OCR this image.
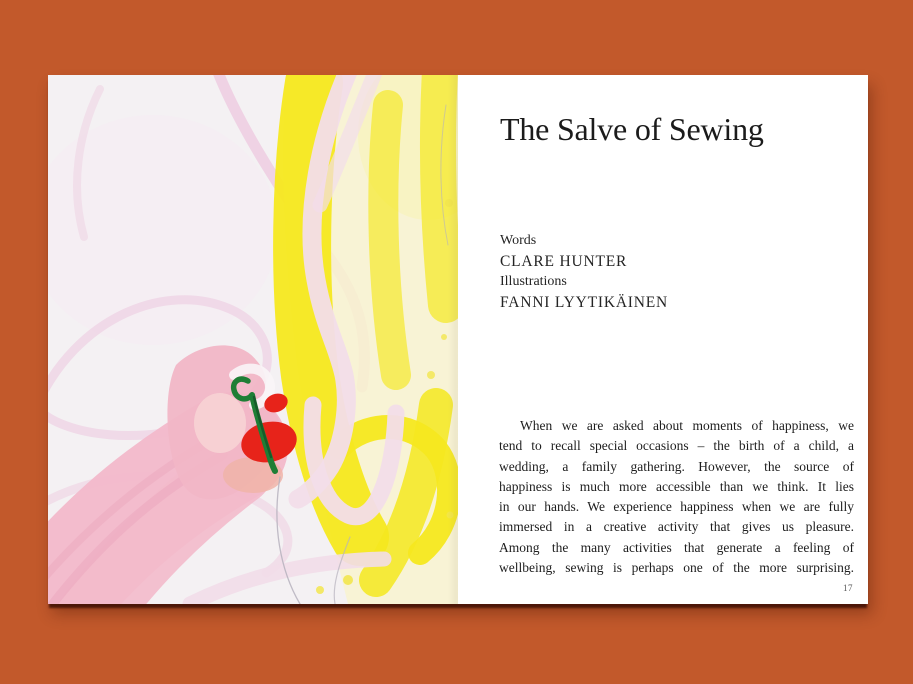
The Salve of Sewing
Words
CLARE HUNTER
Illustrations
FANNI LYYTIKÄINEN
When we are asked about moments of happiness, we
tend to recall special occasions – the birth of a child, a
wedding, a family gathering. However, the source of
happiness is much more accessible than we think. It lies
in our hands. We experience happiness when we are fully
immersed in a creative activity that gives us pleasure.
Among the many activities that generate a feeling of
wellbeing, sewing is perhaps one of the more surprising.
17
